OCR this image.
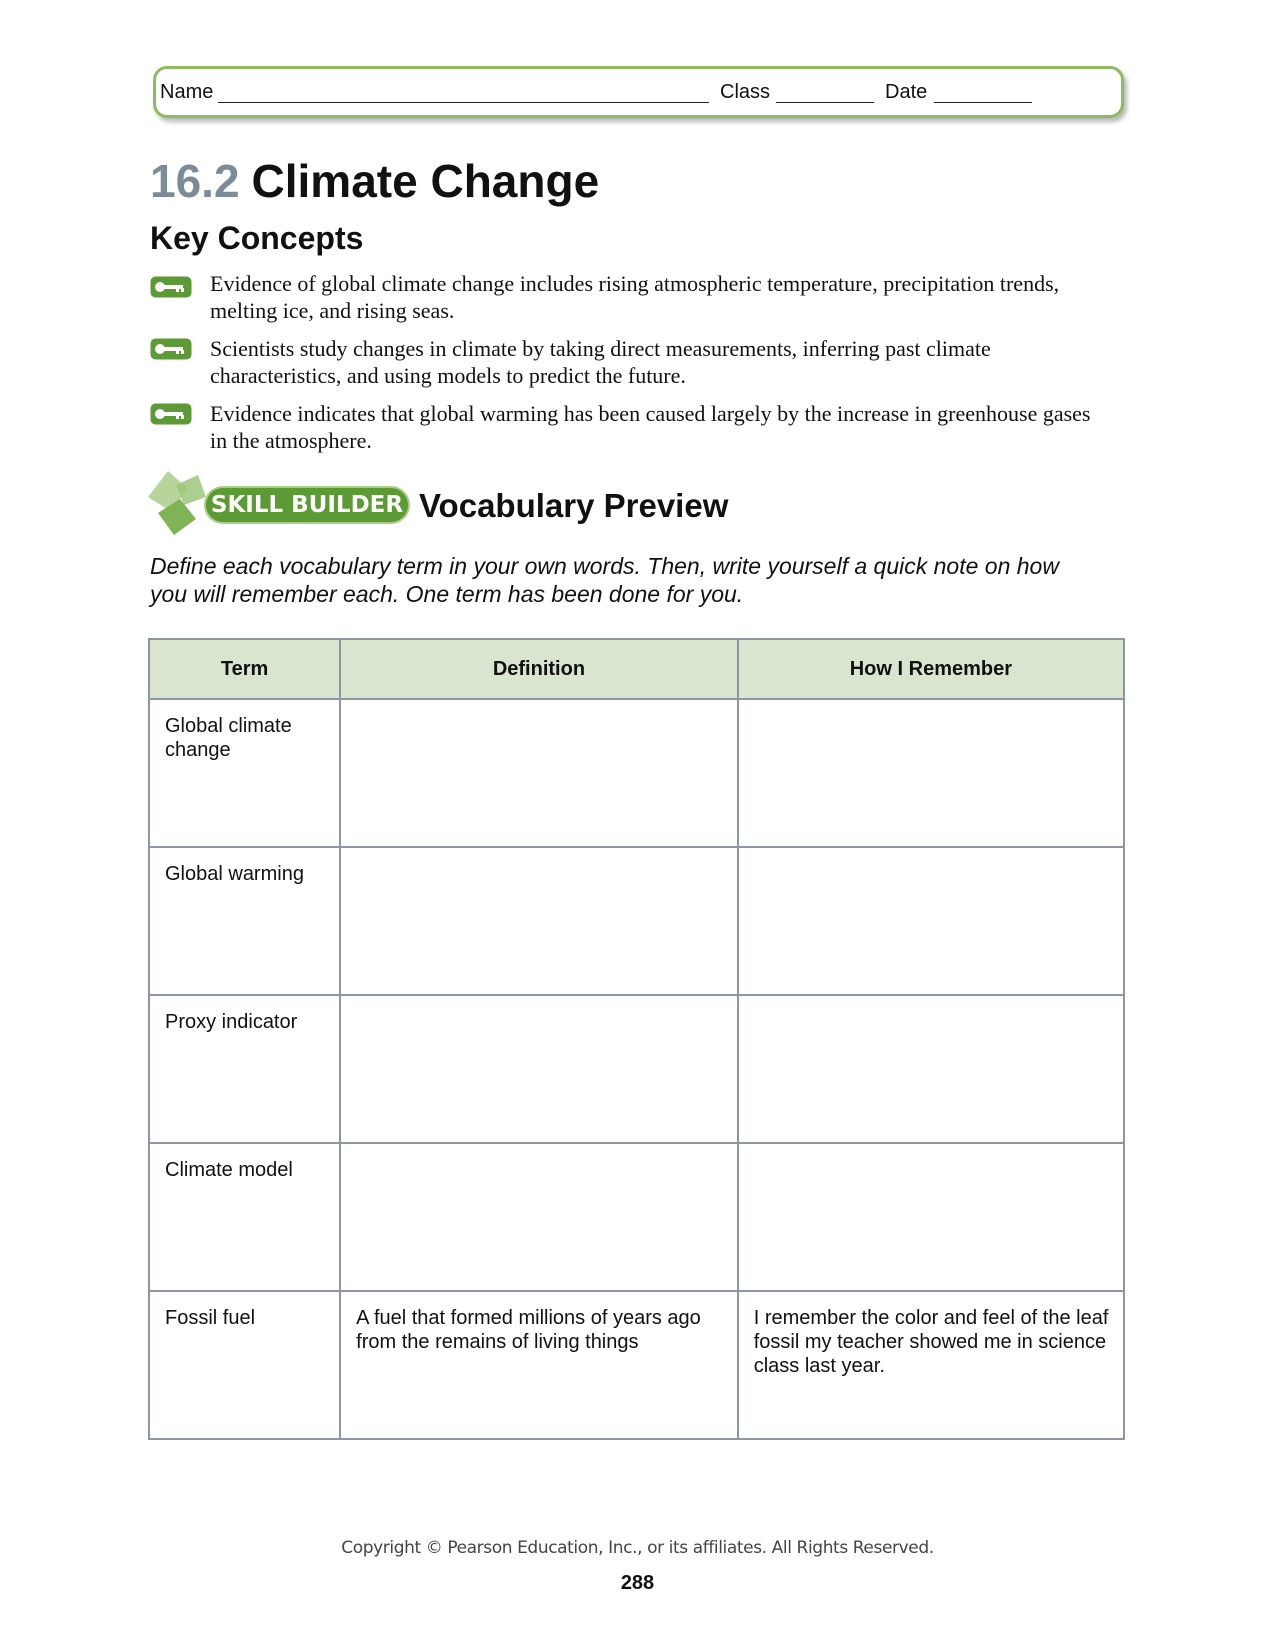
Name	Class	Date
16.2 Climate Change
Key Concepts
Evidence of global climate change includes rising atmospheric temperature, precipitation trends, melting ice, and rising seas.
Scientists study changes in climate by taking direct measurements, inferring past climate characteristics, and using models to predict the future.
Evidence indicates that global warming has been caused largely by the increase in greenhouse gases in the atmosphere.
SKILL BUILDER Vocabulary Preview
Define each vocabulary term in your own words. Then, write yourself a quick note on how you will remember each. One term has been done for you.
Term	Definition	How I Remember
Global climate change		
Global warming		
Proxy indicator		
Climate model		
Fossil fuel	A fuel that formed millions of years ago from the remains of living things	I remember the color and feel of the leaf fossil my teacher showed me in science class last year.
Copyright © Pearson Education, Inc., or its affiliates. All Rights Reserved.
288
